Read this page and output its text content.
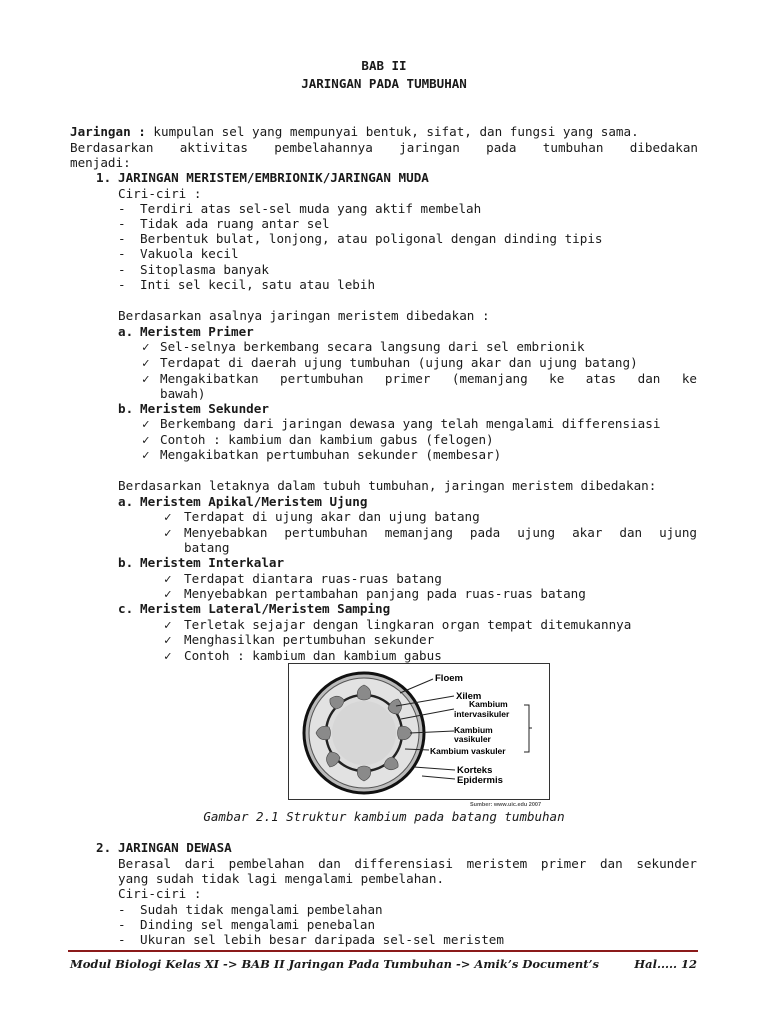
BAB II
JARINGAN PADA TUMBUHAN
Jaringan : kumpulan sel yang mempunyai bentuk, sifat, dan fungsi yang sama.
Berdasarkan aktivitas pembelahannya jaringan pada tumbuhan dibedakan
menjadi:
1. JARINGAN MERISTEM/EMBRIONIK/JARINGAN MUDA
Ciri-ciri :
- Terdiri atas sel-sel muda yang aktif membelah
- Tidak ada ruang antar sel
- Berbentuk bulat, lonjong, atau poligonal dengan dinding tipis
- Vakuola kecil
- Sitoplasma banyak
- Inti sel kecil, satu atau lebih
Berdasarkan asalnya jaringan meristem dibedakan :
a. Meristem Primer
✓ Sel-selnya berkembang secara langsung dari sel embrionik
✓ Terdapat di daerah ujung tumbuhan (ujung akar dan ujung batang)
✓ Mengakibatkan pertumbuhan primer (memanjang ke atas dan ke
bawah)
b. Meristem Sekunder
✓ Berkembang dari jaringan dewasa yang telah mengalami differensiasi
✓ Contoh : kambium dan kambium gabus (felogen)
✓ Mengakibatkan pertumbuhan sekunder (membesar)
Berdasarkan letaknya dalam tubuh tumbuhan, jaringan meristem dibedakan:
a. Meristem Apikal/Meristem Ujung
✓ Terdapat di ujung akar dan ujung batang
✓ Menyebabkan pertumbuhan memanjang pada ujung akar dan ujung
batang
b. Meristem Interkalar
✓ Terdapat diantara ruas-ruas batang
✓ Menyebabkan pertambahan panjang pada ruas-ruas batang
c. Meristem Lateral/Meristem Samping
✓ Terletak sejajar dengan lingkaran organ tempat ditemukannya
✓ Menghasilkan pertumbuhan sekunder
✓ Contoh : kambium dan kambium gabus
Floem
Xilem
Kambium
intervasikuler
Kambium
vasikuler
Kambium vaskuler
Korteks
Epidermis
Sumber: www.uic.edu 2007
Gambar 2.1 Struktur kambium pada batang tumbuhan
2. JARINGAN DEWASA
Berasal dari pembelahan dan differensiasi meristem primer dan sekunder
yang sudah tidak lagi mengalami pembelahan.
Ciri-ciri :
- Sudah tidak mengalami pembelahan
- Dinding sel mengalami penebalan
- Ukuran sel lebih besar daripada sel-sel meristem
Modul Biologi Kelas XI -> BAB II Jaringan Pada Tumbuhan -> Amik’s Document’s	Hal..... 12
